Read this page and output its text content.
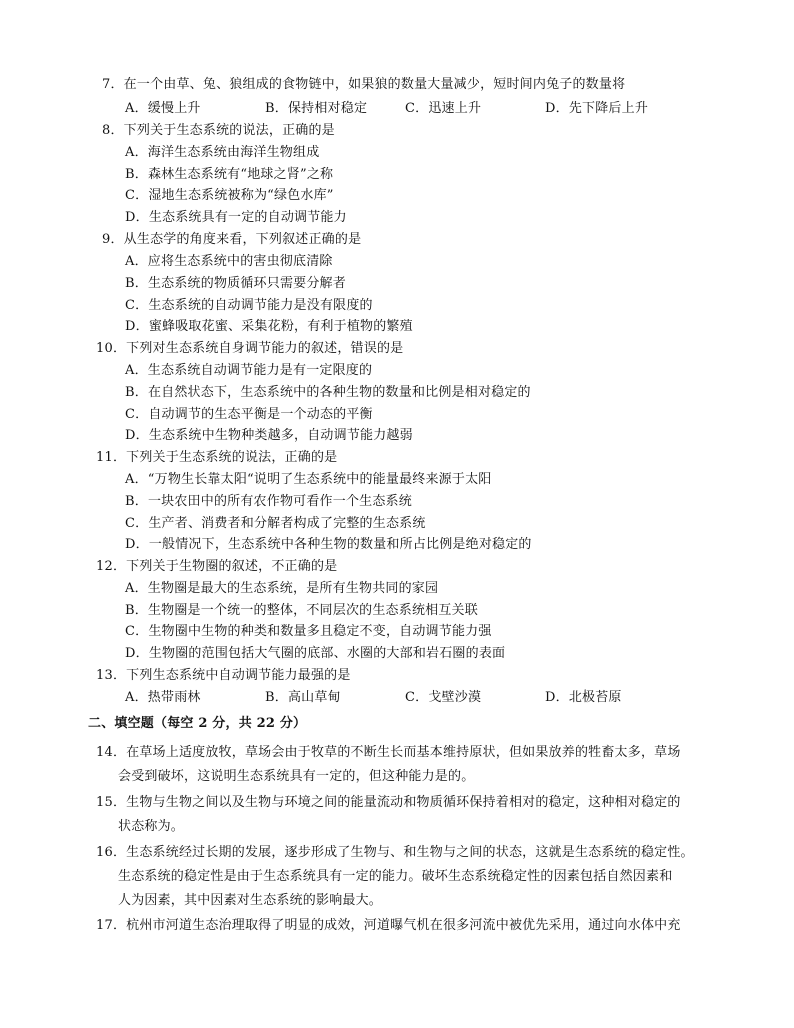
7．在一个由草、兔、狼组成的食物链中，如果狼的数量大量减少，短时间内兔子的数量将
A．缓慢上升	B．保持相对稳定	C．迅速上升	D．先下降后上升
8．下列关于生态系统的说法，正确的是
A．海洋生态系统由海洋生物组成
B．森林生态系统有“地球之肾”之称
C．湿地生态系统被称为“绿色水库”
D．生态系统具有一定的自动调节能力
9．从生态学的角度来看，下列叙述正确的是
A．应将生态系统中的害虫彻底清除
B．生态系统的物质循环只需要分解者
C．生态系统的自动调节能力是没有限度的
D．蜜蜂吸取花蜜、采集花粉，有利于植物的繁殖
10．下列对生态系统自身调节能力的叙述，错误的是
A．生态系统自动调节能力是有一定限度的
B．在自然状态下，生态系统中的各种生物的数量和比例是相对稳定的
C．自动调节的生态平衡是一个动态的平衡
D．生态系统中生物种类越多，自动调节能力越弱
11．下列关于生态系统的说法，正确的是
A．“万物生长靠太阳“说明了生态系统中的能量最终来源于太阳
B．一块农田中的所有农作物可看作一个生态系统
C．生产者、消费者和分解者构成了完整的生态系统
D．一般情况下，生态系统中各种生物的数量和所占比例是绝对稳定的
12．下列关于生物圈的叙述，不正确的是
A．生物圈是最大的生态系统，是所有生物共同的家园
B．生物圈是一个统一的整体，不同层次的生态系统相互关联
C．生物圈中生物的种类和数量多且稳定不变，自动调节能力强
D．生物圈的范围包括大气圈的底部、水圈的大部和岩石圈的表面
13．下列生态系统中自动调节能力最强的是
A．热带雨林	B．高山草甸	C．戈壁沙漠	D．北极苔原
二、填空题（每空 2 分，共 22 分）
14．在草场上适度放牧，草场会由于牧草的不断生长而基本维持原状，但如果放养的牲畜太多，草场
会受到破坏，这说明生态系统具有一定的，但这种能力是的。
15．生物与生物之间以及生物与环境之间的能量流动和物质循环保持着相对的稳定，这种相对稳定的
状态称为。
16．生态系统经过长期的发展，逐步形成了生物与、和生物与之间的状态，这就是生态系统的稳定性。
生态系统的稳定性是由于生态系统具有一定的能力。破坏生态系统稳定性的因素包括自然因素和
人为因素，其中因素对生态系统的影响最大。
17．杭州市河道生态治理取得了明显的成效，河道曝气机在很多河流中被优先采用，通过向水体中充
